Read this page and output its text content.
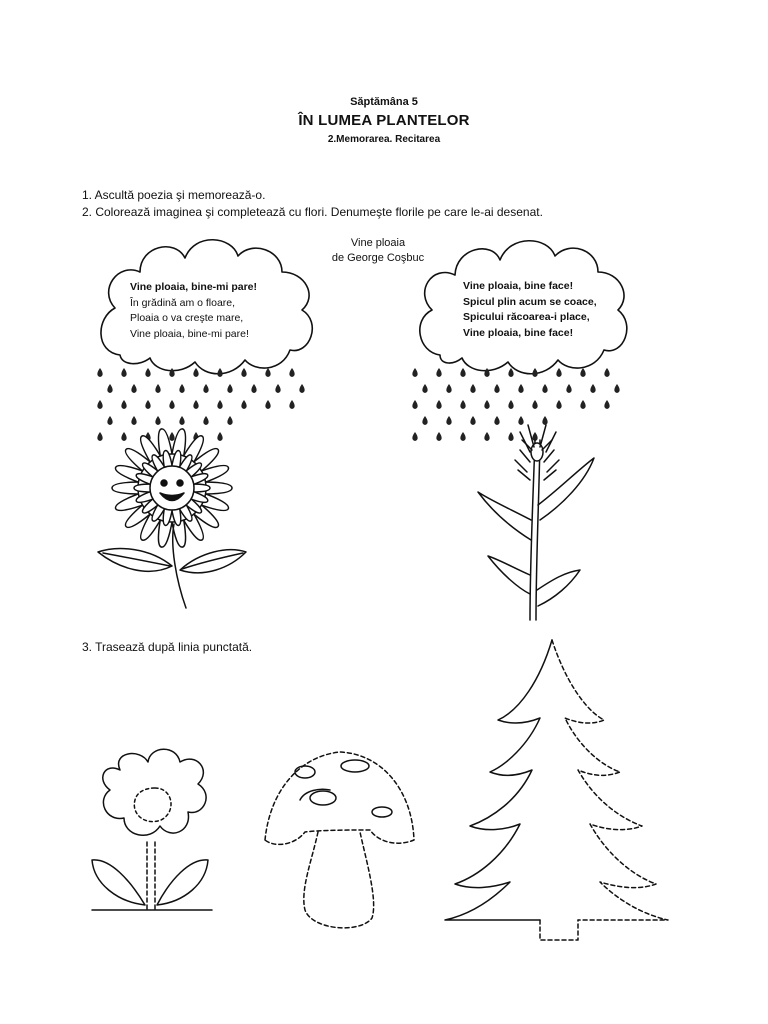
Săptămâna 5
ÎN LUMEA PLANTELOR
2.Memorarea. Recitarea
1. Ascultă poezia şi memorează-o.
2. Colorează imaginea şi completează cu flori. Denumeşte florile pe care le-ai desenat.
3. Trasează după linia punctată.
Vine ploaia
de George Coşbuc
Vine ploaia, bine-mi pare!
În grădină am o floare,
Ploaia o va creşte mare,
Vine ploaia, bine-mi pare!
Vine ploaia, bine face!
Spicul plin acum se coace,
Spicului răcoarea-i place,
Vine ploaia, bine face!
